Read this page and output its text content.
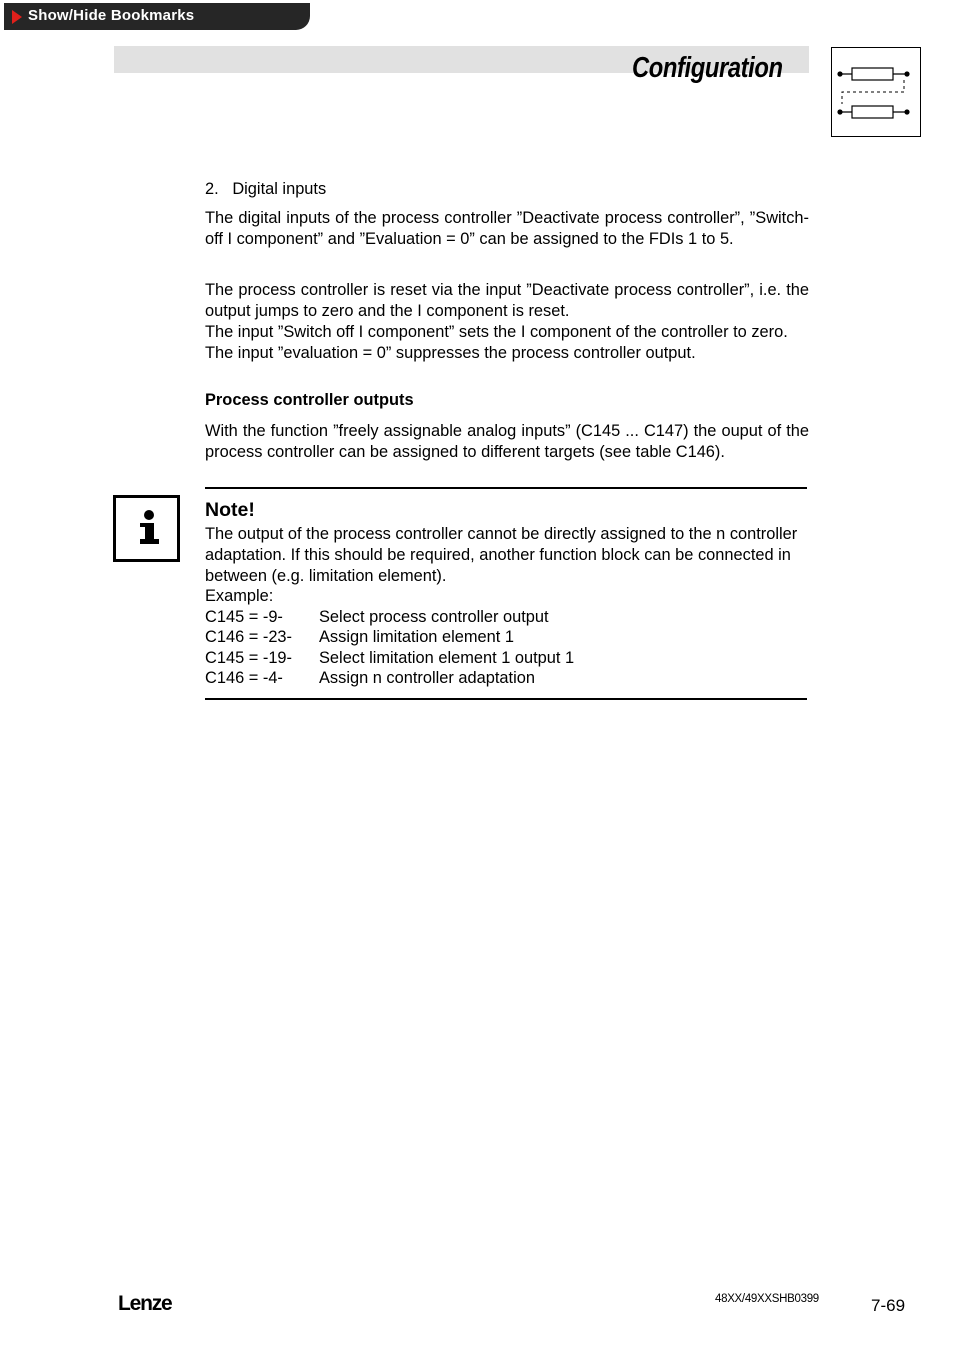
Show/Hide Bookmarks
Configuration

2.   Digital inputs

The digital inputs of the process controller ”Deactivate process controller”, ”Switch-off I component” and ”Evaluation = 0” can be assigned to the FDIs 1 to 5.

The process controller is reset via the input ”Deactivate process controller”, i.e. the output jumps to zero and the I component is reset.

The input ”Switch off I component” sets the I component of the controller to zero.

The input ”evaluation = 0” suppresses the process controller output.

Process controller outputs

With the function ”freely assignable analog inputs” (C145 ... C147) the ouput of the process controller can be assigned to different targets (see table C146).

Note!

The output of the process controller cannot be directly assigned to the n controller adaptation. If this should be required, another function block can be connected in between (e.g. limitation element).

Example:

C145 = -9-	Select process controller output
C146 = -23-	Assign limitation element 1
C145 = -19-	Select limitation element 1 output 1
C146 = -4-	Assign n controller adaptation
Lenze	48XX/49XXSHB0399	7-69
